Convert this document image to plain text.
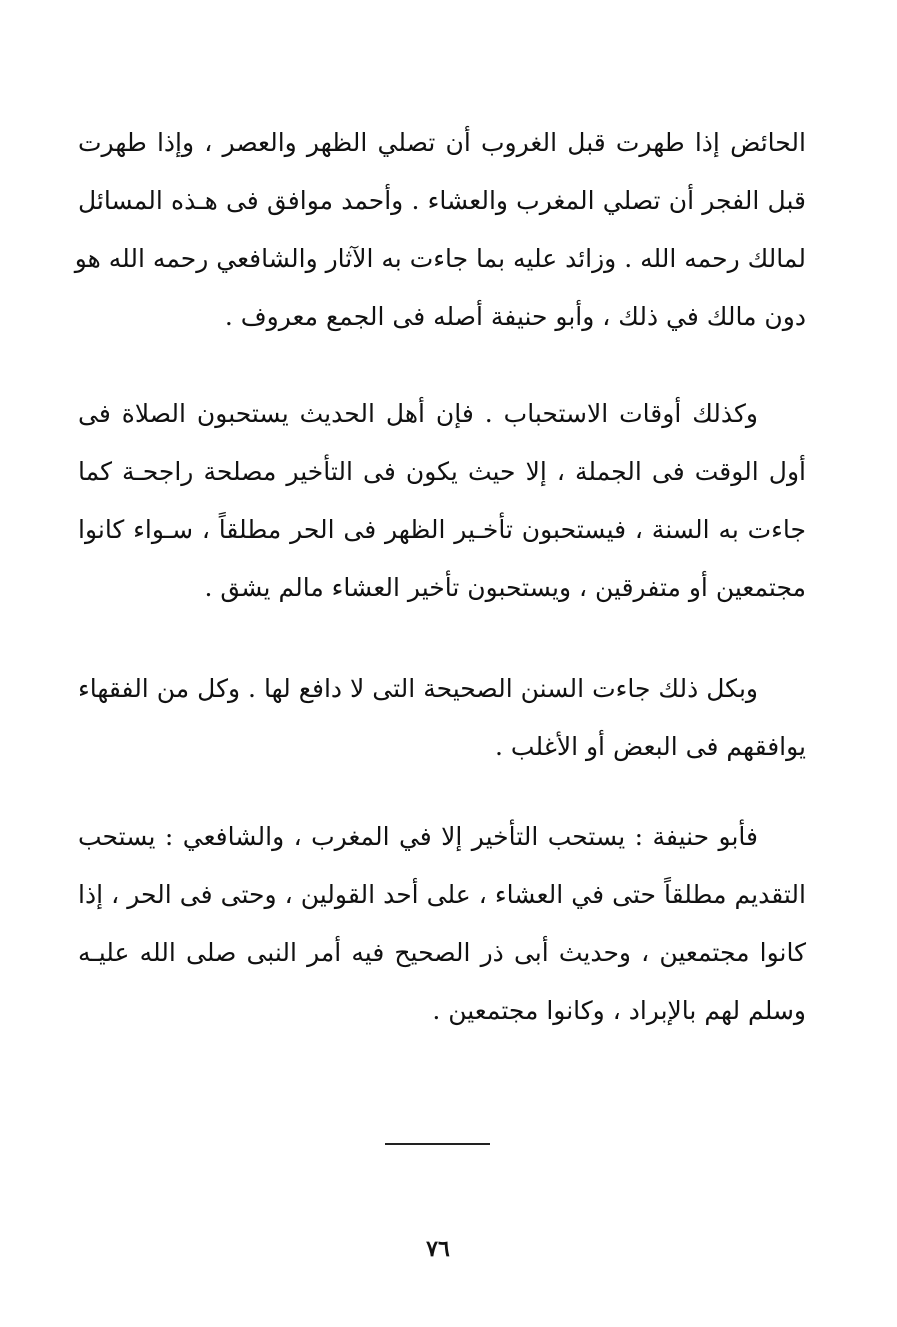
الحائض إذا طهرت قبل الغروب أن تصلي الظهر والعصر ، وإذا طهرت
قبل الفجر أن تصلي المغرب والعشاء . وأحمد موافق فى هـذه المسائل
لمالك رحمه الله . وزائد عليه بما جاءت به الآثار والشافعي رحمه الله هو
دون مالك في ذلك ، وأبو حنيفة أصله فى الجمع معروف .
وكذلك أوقات الاستحباب . فإن أهل الحديث يستحبون الصلاة فى
أول الوقت فى الجملة ، إلا حيث يكون فى التأخير مصلحة راجحـة كما
جاءت به السنة ، فيستحبون تأخـير الظهر فى الحر مطلقاً ، سـواء كانوا
مجتمعين أو متفرقين ، ويستحبون تأخير العشاء مالم يشق .
وبكل ذلك جاءت السنن الصحيحة التى لا دافع لها . وكل من الفقهاء
يوافقهم فى البعض أو الأغلب .
فأبو حنيفة : يستحب التأخير إلا في المغرب ، والشافعي : يستحب
التقديم مطلقاً حتى في العشاء ، على أحد القولين ، وحتى فى الحر ، إذا
كانوا مجتمعين ، وحديث أبى ذر الصحيح فيه أمر النبى صلى الله عليـه
وسلم لهم بالإبراد ، وكانوا مجتمعين .
٧٦
